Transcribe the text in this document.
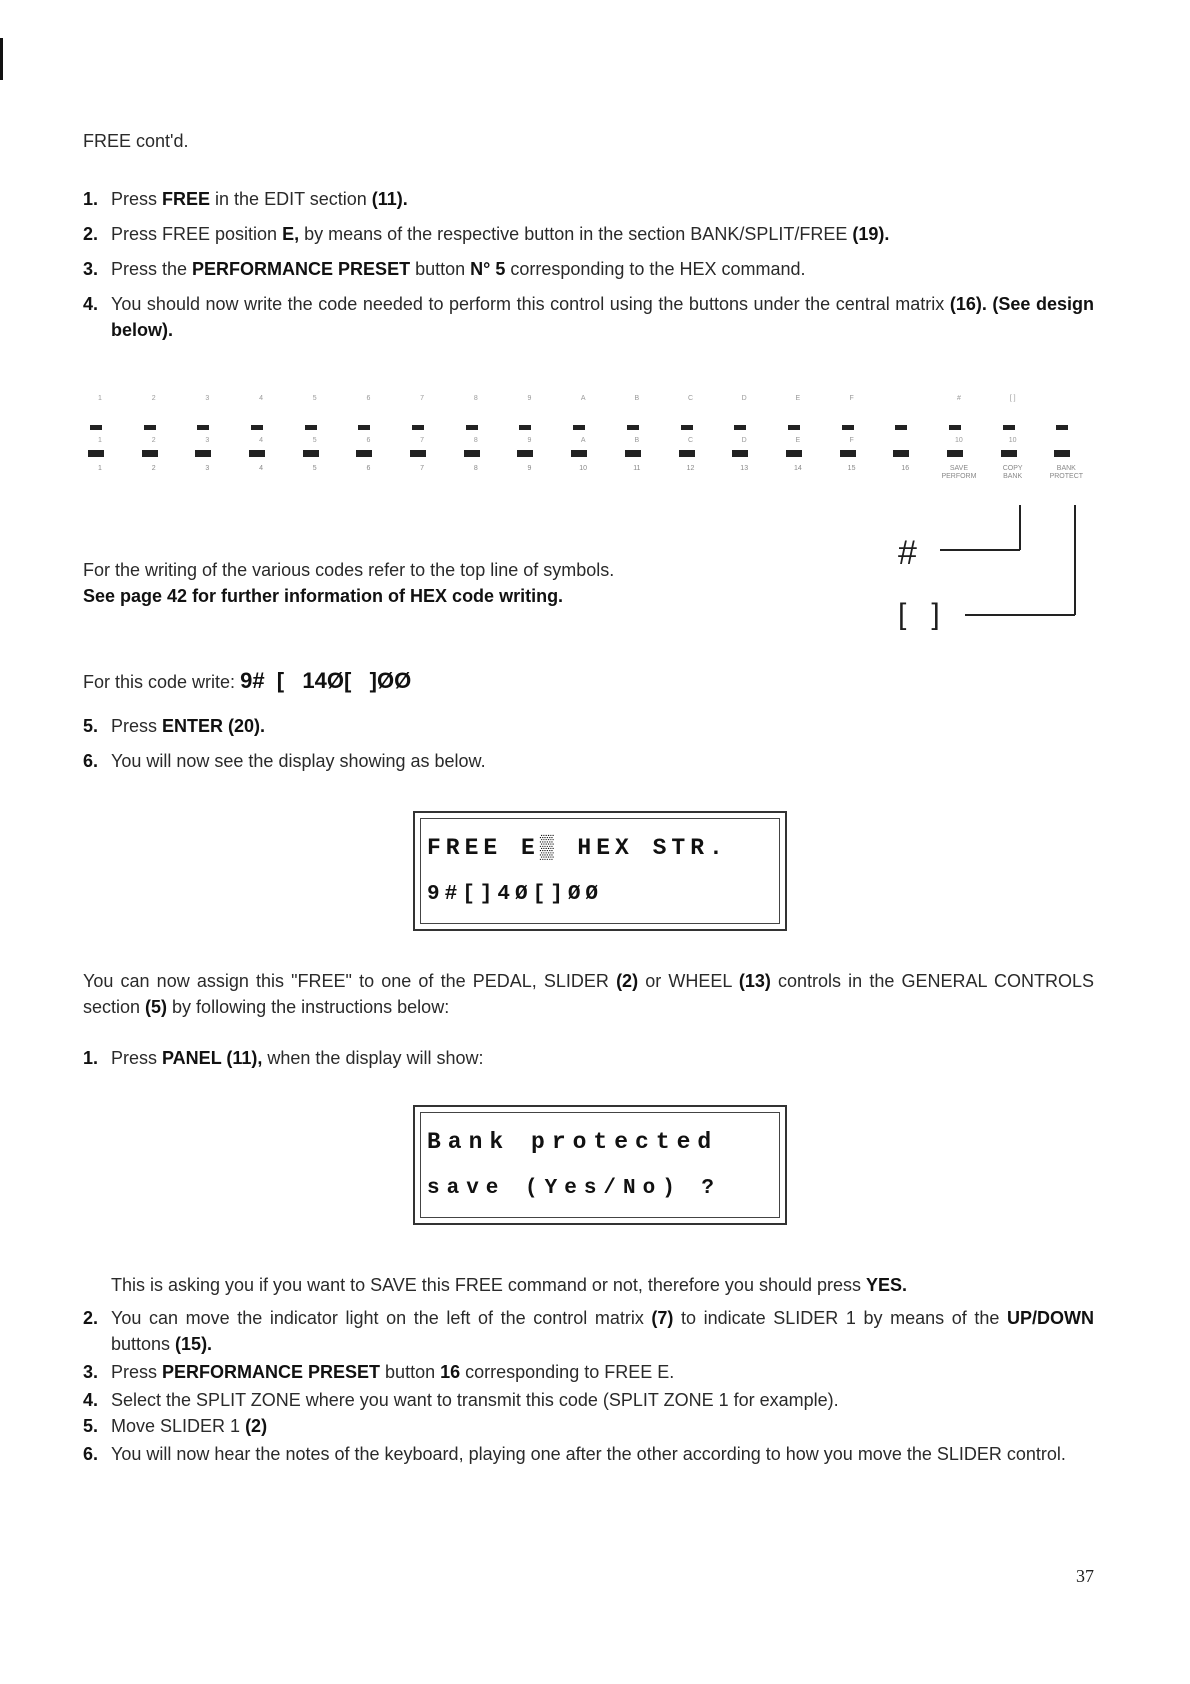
FREE cont'd.
1. Press FREE in the EDIT section (11).
2. Press FREE position E, by means of the respective button in the section BANK/SPLIT/FREE (19).
3. Press the PERFORMANCE PRESET button N° 5 corresponding to the HEX command.
4. You should now write the code needed to perform this control using the buttons under the central matrix (16). (See design below).
1
1
1
2
2
2
3
3
3
4
4
4
5
5
5
6
6
6
7
7
7
8
8
8
9
9
9
A
A
10
B
B
11
C
C
12
D
D
13
E
E
14
F
F
15	16
#
10
SAVE PERFORM
[ ]
10
COPY BANK
BANK PROTECT
#
[   ]
For the writing of the various codes refer to the top line of symbols.
See page 42 for further information of HEX code writing.
For this code write: 9#  [   14Ø[   ]ØØ
5. Press ENTER (20).
6. You will now see the display showing as below.
FREE E▒ HEX STR.
9#[]4Ø[]ØØ
You can now assign this "FREE" to one of the PEDAL, SLIDER (2) or WHEEL (13) controls in the GENERAL CONTROLS section (5) by following the instructions below:
1. Press PANEL (11), when the display will show:
Bank protected
save (Yes/No) ?
This is asking you if you want to SAVE this FREE command or not, therefore you should press YES.
2. You can move the indicator light on the left of the control matrix (7) to indicate SLIDER 1 by means of the UP/DOWN buttons (15).
3. Press PERFORMANCE PRESET button 16 corresponding to FREE E.
4. Select the SPLIT ZONE where you want to transmit this code (SPLIT ZONE 1 for example).
5. Move SLIDER 1 (2)
6. You will now hear the notes of the keyboard, playing one after the other according to how you move the SLIDER control.
37
